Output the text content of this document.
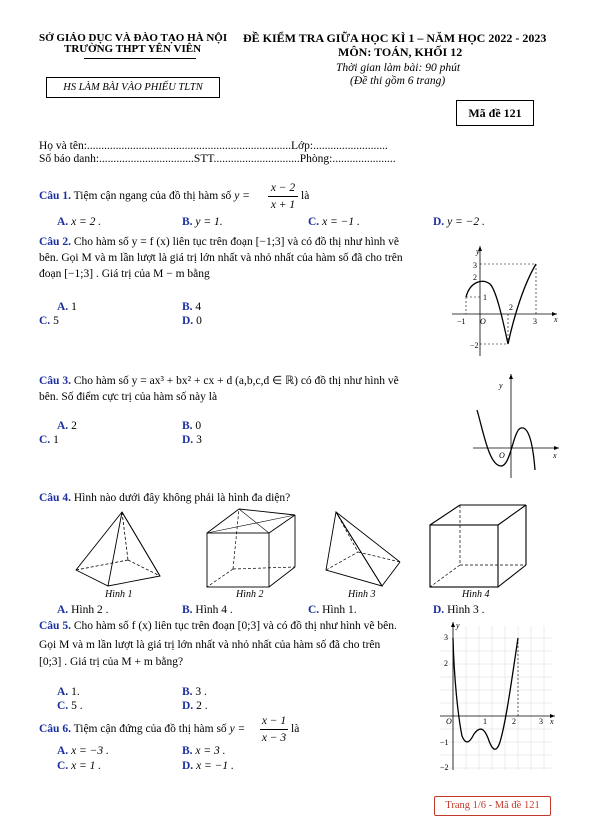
SỞ GIÁO DỤC VÀ ĐÀO TẠO HÀ NỘI
TRƯỜNG THPT YÊN VIÊN
HS LÀM BÀI VÀO PHIẾU TLTN
ĐỀ KIỂM TRA GIỮA HỌC KÌ 1 – NĂM HỌC 2022 - 2023
MÔN: TOÁN, KHỐI 12
Thời gian làm bài: 90 phút
(Đề thi gồm 6 trang)
Mã đề 121
Họ và tên:.......................................................................Lớp:..........................
Số báo danh:.................................STT..............................Phòng:......................
Câu 1. Tiệm cận ngang của đồ thị hàm số y =
x − 2
x + 1
là
A. x = 2 .	B. y = 1.	C. x = −1 .	D. y = −2 .
Câu 2. Cho hàm số y = f (x) liên tục trên đoạn [−1;3] và có đồ thị như hình vẽ
bên. Gọi M và m lần lượt là giá trị lớn nhất và nhỏ nhất của hàm số đã cho trên
đoạn [−1;3] . Giá trị của M − m bằng
A. 1	B. 4
C. 5	D. 0
y
x
3
2
1
−2
−1 O
2
3
Câu 3. Cho hàm số y = ax³ + bx² + cx + d (a,b,c,d ∈ ℝ) có đồ thị như hình vẽ
bên. Số điểm cực trị của hàm số này là
A. 2	B. 0
C. 1	D. 3
y
x
O
Câu 4. Hình nào dưới đây không phải là hình đa diện?
Hình 1	Hình 2	Hình 3	Hình 4
A. Hình 2 .	B. Hình 4 .	C. Hình 1.	D. Hình 3 .
Câu 5. Cho hàm số f (x) liên tục trên đoạn [0;3] và có đồ thị như hình vẽ bên.
Gọi M và m lần lượt là giá trị lớn nhất và nhỏ nhất của hàm số đã cho trên
[0;3] . Giá trị của M + m bằng?
A. 1.	B. 3 .
C. 5 .	D. 2 .
y
x
3
2
−1
−2
O	1	2	3
Câu 6. Tiệm cận đứng của đồ thị hàm số y =
x − 1
x − 3
là
A. x = −3 .	B. x = 3 .
C. x = 1 .	D. x = −1 .
Trang 1/6 - Mã đề 121
